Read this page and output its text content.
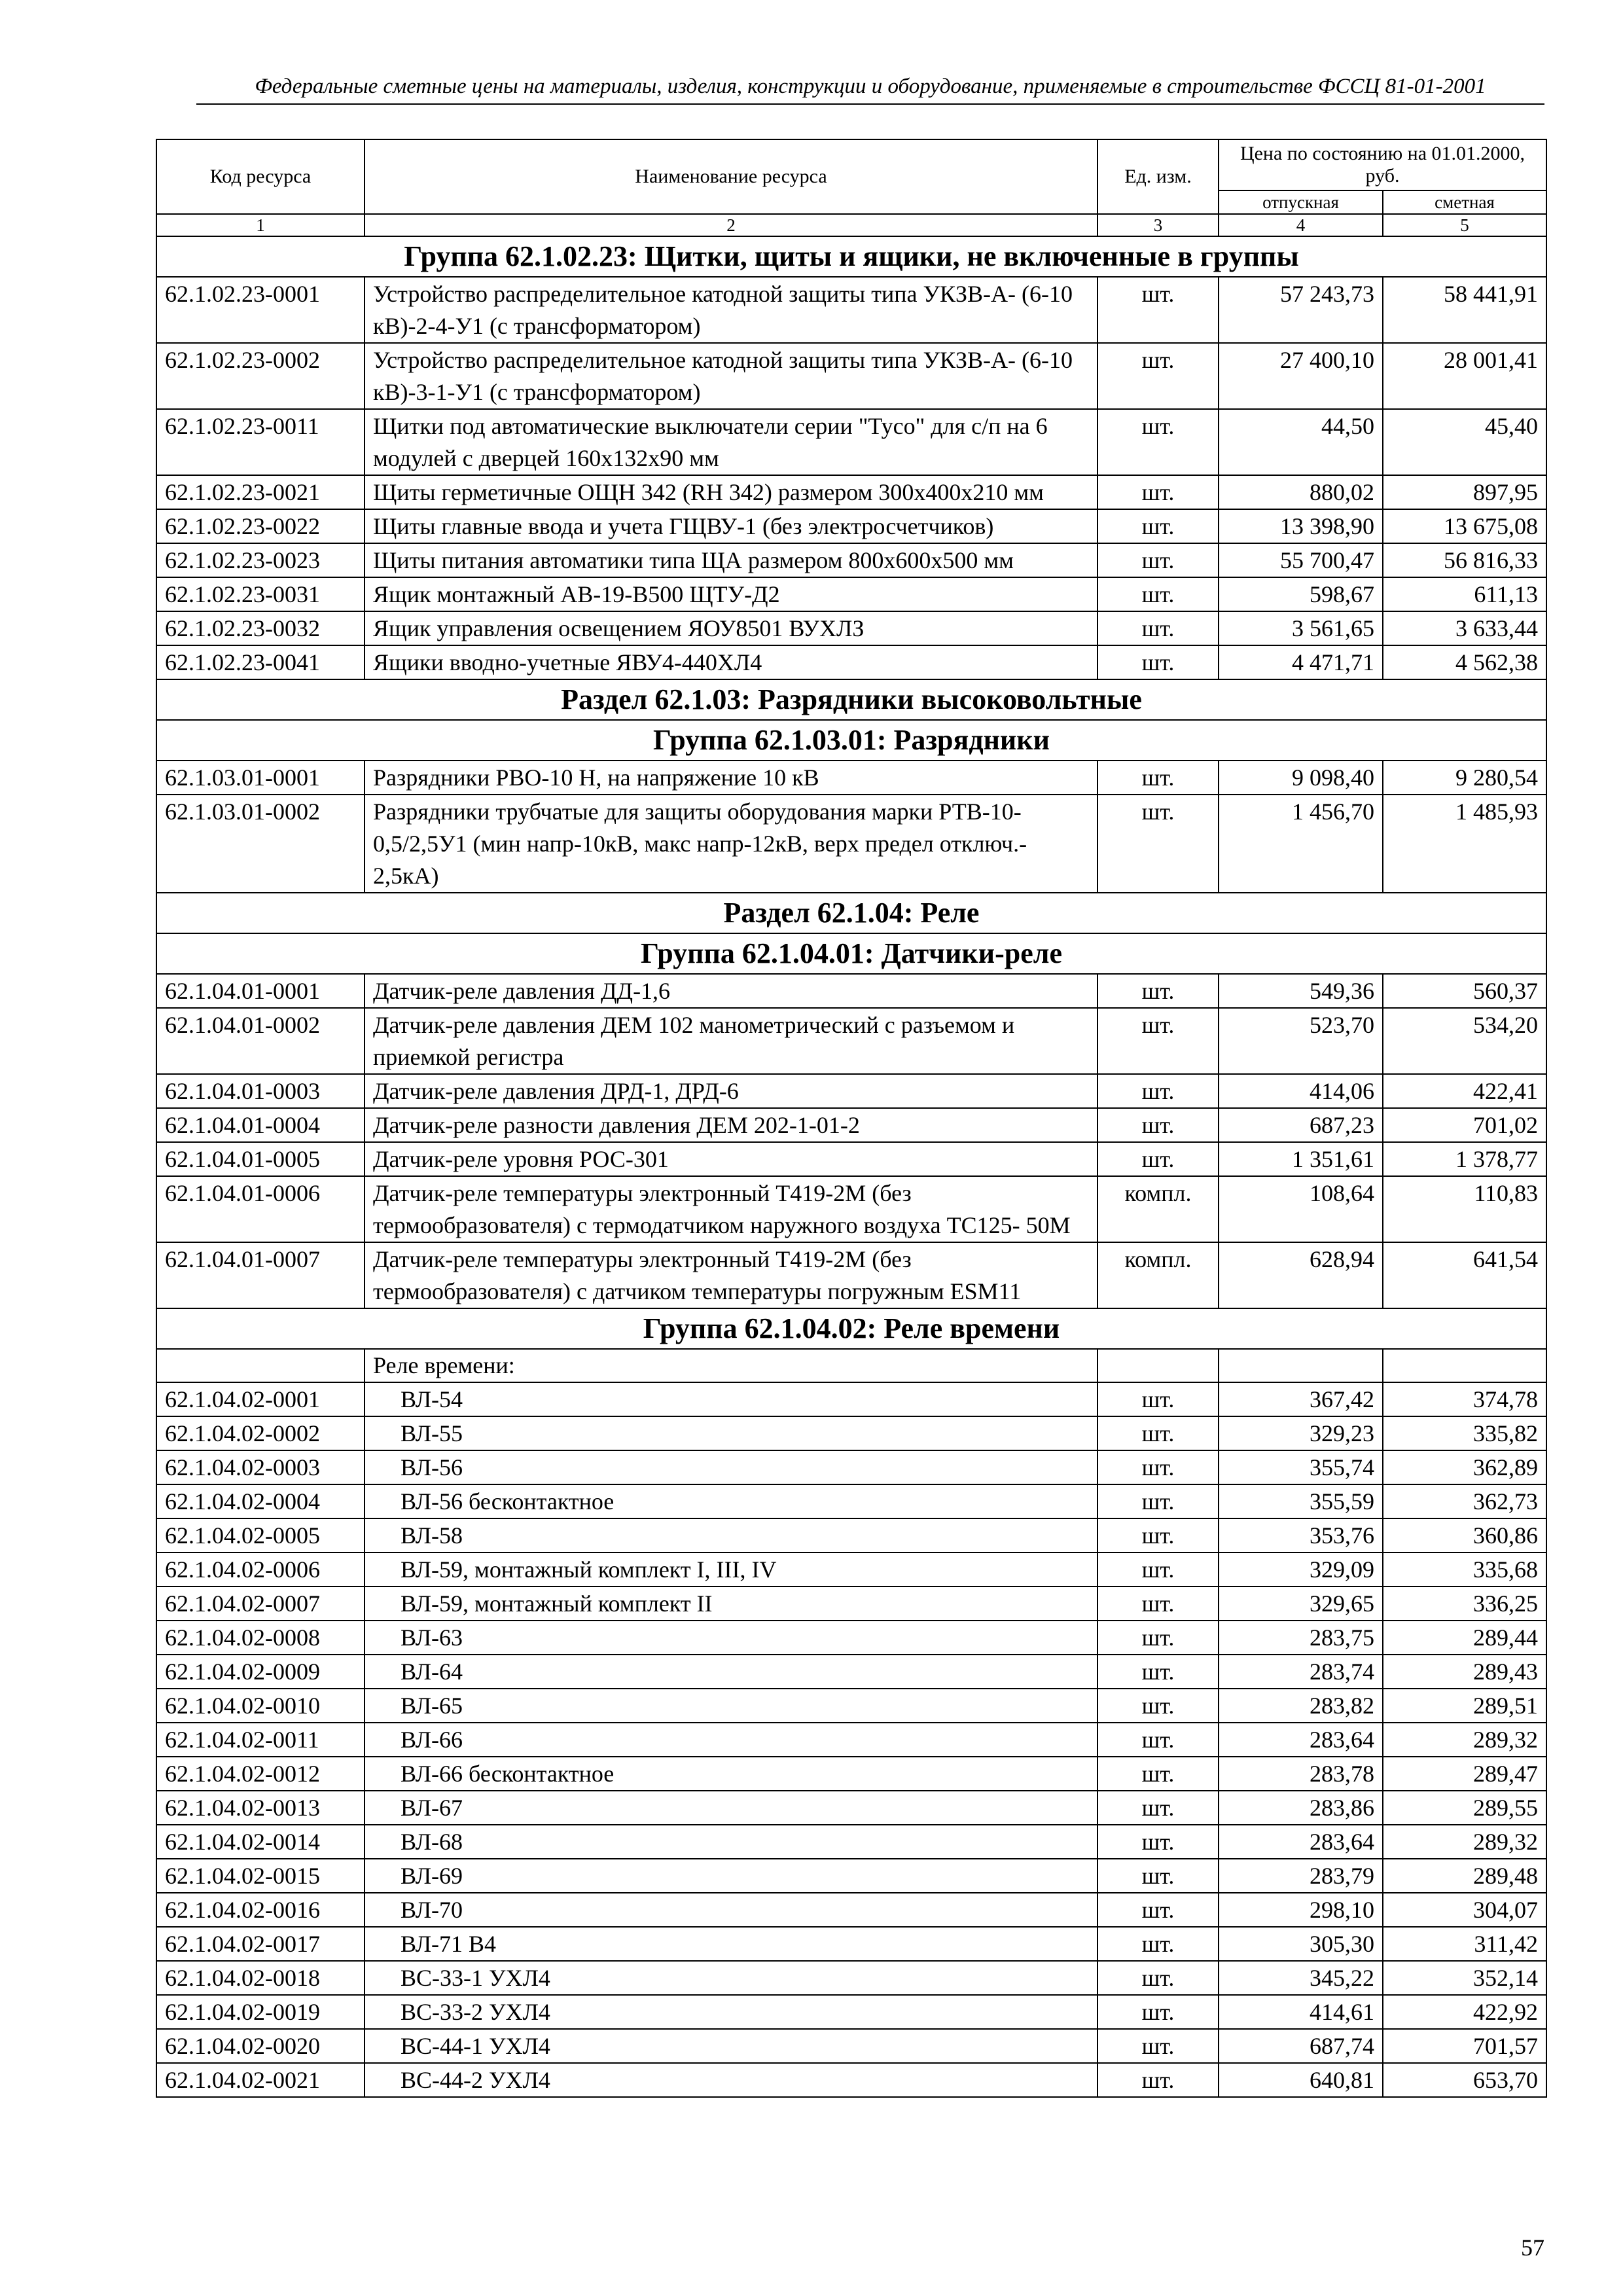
Федеральные сметные цены на материалы, изделия, конструкции и оборудование, применяемые в строительстве ФССЦ 81-01-2001
Код ресурса	Наименование ресурса	Ед. изм.	Цена по состоянию на 01.01.2000, руб.	
			отпускная	сметная
1	2	3	4	5
Группа 62.1.02.23: Щитки, щиты и ящики, не включенные в группы				
62.1.02.23-0001	Устройство распределительное катодной защиты типа УКЗВ-А- (6-10 кВ)-2-4-У1 (с трансформатором)	шт.	57 243,73	58 441,91
62.1.02.23-0002	Устройство распределительное катодной защиты типа УКЗВ-А- (6-10 кВ)-3-1-У1 (с трансформатором)	шт.	27 400,10	28 001,41
62.1.02.23-0011	Щитки под автоматические выключатели серии "Тусо" для с/п на 6 модулей с дверцей 160x132x90 мм	шт.	44,50	45,40
62.1.02.23-0021	Щиты герметичные ОЩН 342 (RH 342) размером 300x400x210 мм	шт.	880,02	897,95
62.1.02.23-0022	Щиты главные ввода и учета ГЩВУ-1 (без электросчетчиков)	шт.	13 398,90	13 675,08
62.1.02.23-0023	Щиты питания автоматики типа ЩА размером 800x600x500 мм	шт.	55 700,47	56 816,33
62.1.02.23-0031	Ящик монтажный АВ-19-В500 ЩТУ-Д2	шт.	598,67	611,13
62.1.02.23-0032	Ящик управления освещением ЯОУ8501 ВУХЛЗ	шт.	3 561,65	3 633,44
62.1.02.23-0041	Ящики вводно-учетные ЯВУ4-440ХЛ4	шт.	4 471,71	4 562,38
Раздел 62.1.03: Разрядники высоковольтные				
Группа 62.1.03.01: Разрядники				
62.1.03.01-0001	Разрядники РВО-10 Н, на напряжение 10 кВ	шт.	9 098,40	9 280,54
62.1.03.01-0002	Разрядники трубчатые для защиты оборудования марки РТВ-10- 0,5/2,5У1 (мин напр-10кВ, макс напр-12кВ, верх предел отключ.- 2,5кА)	шт.	1 456,70	1 485,93
Раздел 62.1.04: Реле				
Группа 62.1.04.01: Датчики-реле				
62.1.04.01-0001	Датчик-реле давления ДД-1,6	шт.	549,36	560,37
62.1.04.01-0002	Датчик-реле давления ДЕМ 102 манометрический с разъемом и приемкой регистра	шт.	523,70	534,20
62.1.04.01-0003	Датчик-реле давления ДРД-1, ДРД-6	шт.	414,06	422,41
62.1.04.01-0004	Датчик-реле разности давления ДЕМ 202-1-01-2	шт.	687,23	701,02
62.1.04.01-0005	Датчик-реле уровня РОС-301	шт.	1 351,61	1 378,77
62.1.04.01-0006	Датчик-реле температуры электронный Т419-2М (без термообразователя) с термодатчиком наружного воздуха ТС125- 50М	компл.	108,64	110,83
62.1.04.01-0007	Датчик-реле температуры электронный Т419-2М (без термообразователя) с датчиком температуры погружным ESM11	компл.	628,94	641,54
Группа 62.1.04.02: Реле времени				
	Реле времени:			
62.1.04.02-0001	ВЛ-54	шт.	367,42	374,78
62.1.04.02-0002	ВЛ-55	шт.	329,23	335,82
62.1.04.02-0003	ВЛ-56	шт.	355,74	362,89
62.1.04.02-0004	ВЛ-56 бесконтактное	шт.	355,59	362,73
62.1.04.02-0005	ВЛ-58	шт.	353,76	360,86
62.1.04.02-0006	ВЛ-59, монтажный комплект I, III, IV	шт.	329,09	335,68
62.1.04.02-0007	ВЛ-59, монтажный комплект II	шт.	329,65	336,25
62.1.04.02-0008	ВЛ-63	шт.	283,75	289,44
62.1.04.02-0009	ВЛ-64	шт.	283,74	289,43
62.1.04.02-0010	ВЛ-65	шт.	283,82	289,51
62.1.04.02-0011	ВЛ-66	шт.	283,64	289,32
62.1.04.02-0012	ВЛ-66 бесконтактное	шт.	283,78	289,47
62.1.04.02-0013	ВЛ-67	шт.	283,86	289,55
62.1.04.02-0014	ВЛ-68	шт.	283,64	289,32
62.1.04.02-0015	ВЛ-69	шт.	283,79	289,48
62.1.04.02-0016	ВЛ-70	шт.	298,10	304,07
62.1.04.02-0017	ВЛ-71 В4	шт.	305,30	311,42
62.1.04.02-0018	ВС-33-1 УХЛ4	шт.	345,22	352,14
62.1.04.02-0019	ВС-33-2 УХЛ4	шт.	414,61	422,92
62.1.04.02-0020	ВС-44-1 УХЛ4	шт.	687,74	701,57
62.1.04.02-0021	ВС-44-2 УХЛ4	шт.	640,81	653,70
57
